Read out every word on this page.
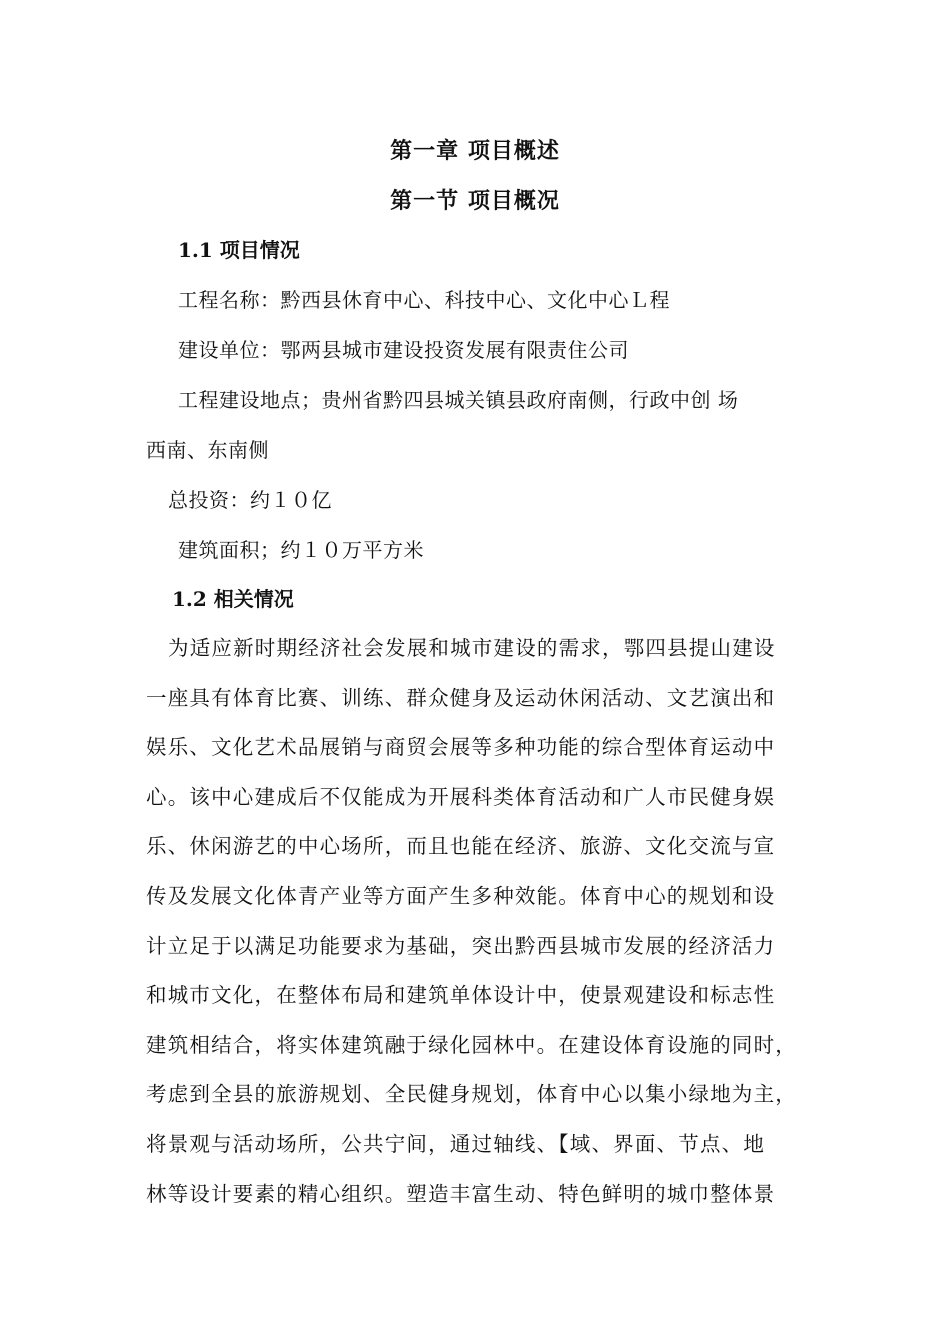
第一章 项目概述
第一节 项目概况
1.1 项目情况
工程名称：黔西县休育中心、科技中心、文化中心Ｌ程
建设单位：鄂两县城市建设投资发展有限责住公司
工程建设地点；贵州省黔四县城关镇县政府南侧，行政中创 场
西南、东南侧
总投资：约１０亿
建筑面积；约１０万平方米
1.2 相关情况
为适应新时期经济社会发展和城市建设的需求，鄂四县提山建设
一座具有体育比赛、训练、群众健身及运动休闲活动、文艺演出和
娱乐、文化艺术品展销与商贸会展等多种功能的综合型体育运动中
心。该中心建成后不仅能成为开展科类体育活动和广人市民健身娱
乐、休闲游艺的中心场所，而且也能在经济、旅游、文化交流与宣
传及发展文化体青产业等方面产生多种效能。体育中心的规划和设
计立足于以满足功能要求为基础，突出黔西县城市发展的经济活力
和城巿文化，在整体布局和建筑单体设计中，使景观建设和标志性
建筑相结合，将实体建筑融于绿化园林中。在建设体育设施的同时，
考虑到全县的旅游规划、全民健身规划，体育中心以集小绿地为主，
将景观与活动场所，公共宁间，通过轴线、【域、界面、节点、地
林等设计要素的精心组织。塑造丰富生动、特色鲜明的城巾整体景
